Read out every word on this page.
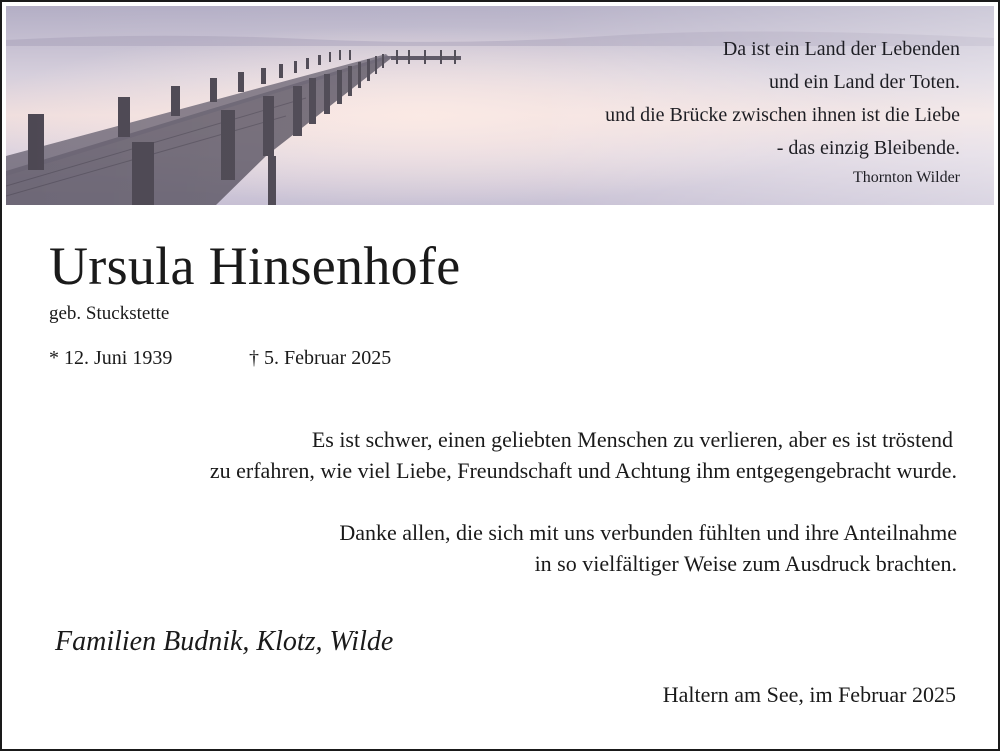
Da ist ein Land der Lebenden
und ein Land der Toten.
und die Brücke zwischen ihnen ist die Liebe
- das einzig Bleibende.
Thornton Wilder
Ursula Hinsenhofe
geb. Stuckstette
* 12. Juni 1939	† 5. Februar 2025
Es ist schwer, einen geliebten Menschen zu verlieren, aber es ist tröstend
zu erfahren, wie viel Liebe, Freundschaft und Achtung ihm entgegengebracht wurde.
Danke allen, die sich mit uns verbunden fühlten und ihre Anteilnahme
in so vielfältiger Weise zum Ausdruck brachten.
Familien Budnik, Klotz, Wilde
Haltern am See, im Februar 2025
